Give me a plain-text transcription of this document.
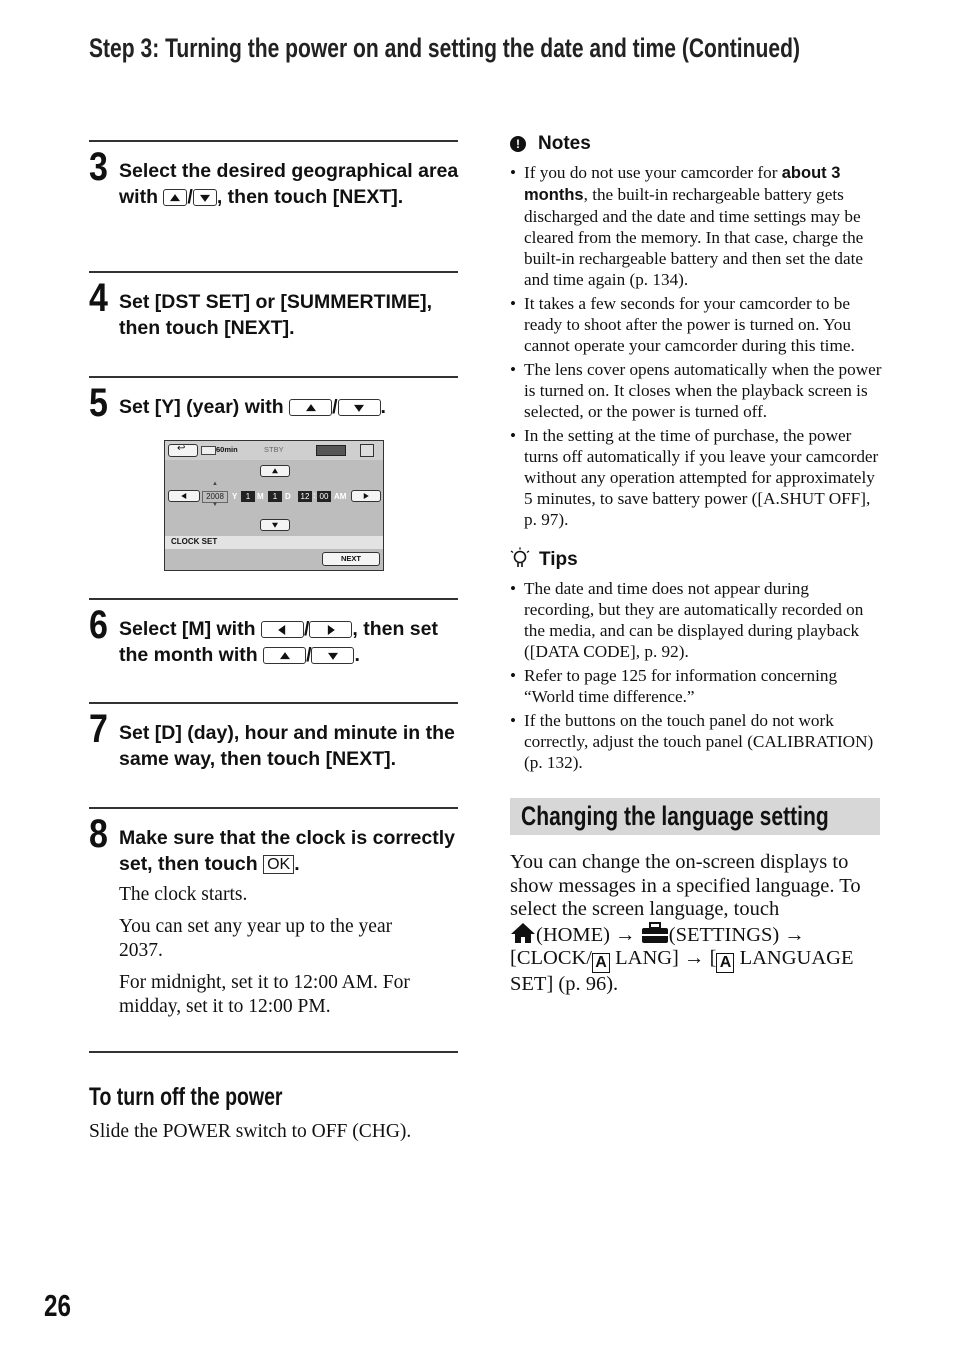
Step 3: Turning the power on and setting the date and time (Continued)
3 Select the desired geographical area with
/ , then touch [NEXT].
4 Set [DST SET] or [SUMMERTIME], then touch [NEXT].
5 Set [Y] (year) with
/ .
↩	60min	STBY
▲
2008
▼
Y	1 M	1 D	12 : 00 AM
CLOCK SET
NEXT
6 Select [M] with
/ , then set the month with
/ .
7 Set [D] (day), hour and minute in the same way, then touch [NEXT].
8 Make sure that the clock is correctly set, then touch OK .
The clock starts.
You can set any year up to the year 2037.
For midnight, set it to 12:00 AM. For midday, set it to 12:00 PM.
To turn off the power
Slide the POWER switch to OFF (CHG).
! Notes
• If you do not use your camcorder for about 3 months, the built-in rechargeable battery gets discharged and the date and time settings may be cleared from the memory. In that case, charge the built-in rechargeable battery and then set the date and time again (p. 134).
• It takes a few seconds for your camcorder to be ready to shoot after the power is turned on. You cannot operate your camcorder during this time.
• The lens cover opens automatically when the power is turned on. It closes when the playback screen is selected, or the power is turned off.
• In the setting at the time of purchase, the power turns off automatically if you leave your camcorder without any operation attempted for approximately 5 minutes, to save battery power ([A.SHUT OFF], p. 97).
Tips
• The date and time does not appear during recording, but they are automatically recorded on the media, and can be displayed during playback ([DATA CODE], p. 92).
• Refer to page 125 for information concerning “World time difference.”
• If the buttons on the touch panel do not work correctly, adjust the touch panel (CALIBRATION) (p. 132).
Changing the language setting
You can change the on-screen displays to show messages in a specified language. To select the screen language, touch
(HOME) → (SETTINGS) →
[CLOCK/ A LANG] → [ A LANGUAGE SET] (p. 96).
26
